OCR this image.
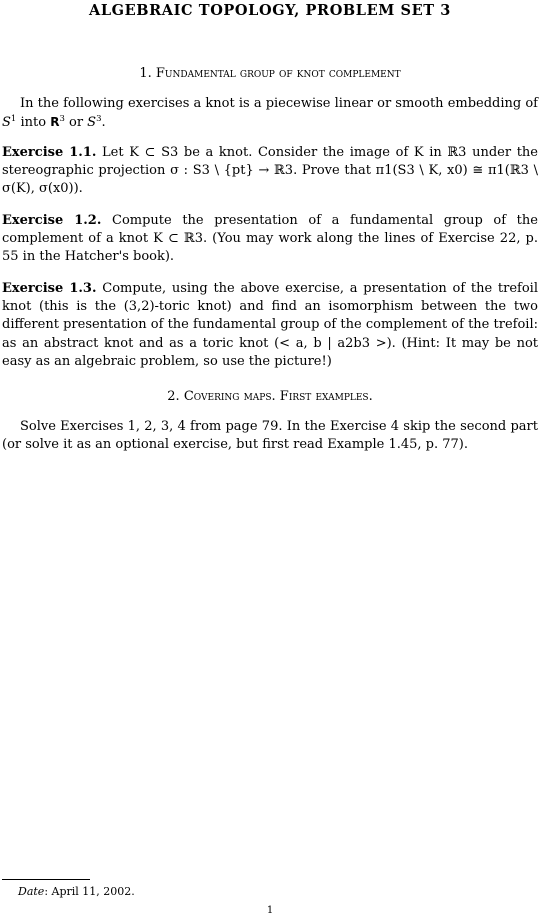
ALGEBRAIC TOPOLOGY, PROBLEM SET 3
1. Fundamental group of knot complement
In the following exercises a knot is a piecewise linear or smooth embedding of $S^1$ into $R^3$ or $S^3$.
Exercise 1.1. Let K ⊂ S3 be a knot. Consider the image of K in ℝ3 under the stereographic projection σ : S3 \ {pt} → ℝ3. Prove that π1(S3 \ K, x0) ≅ π1(ℝ3 \ σ(K), σ(x0)).
Exercise 1.2. Compute the presentation of a fundamental group of the complement of a knot K ⊂ ℝ3. (You may work along the lines of Exercise 22, p. 55 in the Hatcher's book).
Exercise 1.3. Compute, using the above exercise, a presentation of the trefoil knot (this is the (3,2)-toric knot) and find an isomorphism between the two different presentation of the fundamental group of the complement of the trefoil: as an abstract knot and as a toric knot (< a, b | a2b3 >). (Hint: It may be not easy as an algebraic problem, so use the picture!)
2. Covering maps. First examples.
Solve Exercises 1, 2, 3, 4 from page 79. In the Exercise 4 skip the second part (or solve it as an optional exercise, but first read Example 1.45, p. 77).
Date: April 11, 2002.
1
